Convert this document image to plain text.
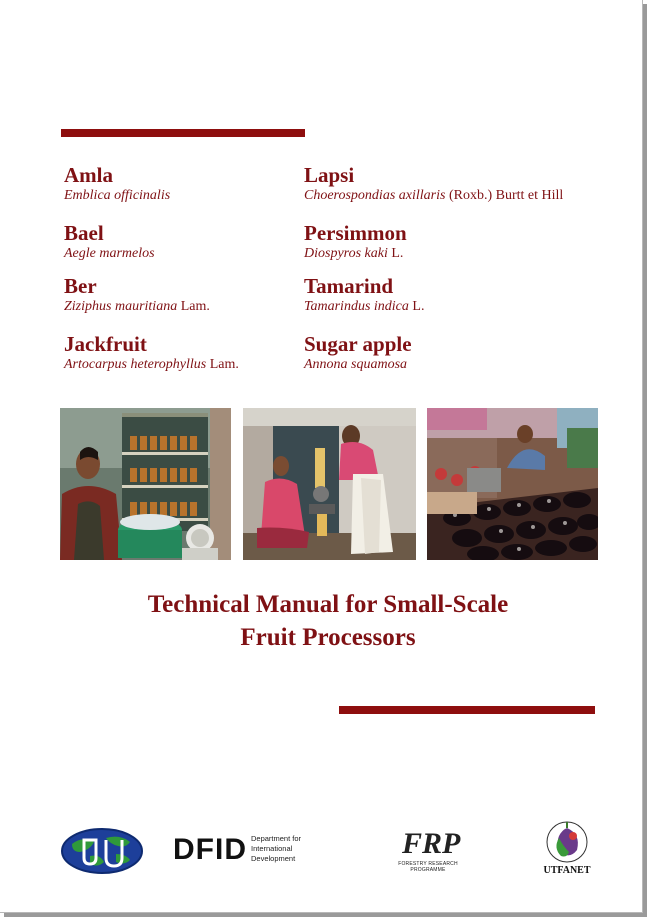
Amla
Emblica officinalis
Bael
Aegle marmelos
Ber
Ziziphus mauritiana Lam.
Jackfruit
Artocarpus heterophyllus Lam.
Lapsi
Choerospondias axillaris (Roxb.) Burtt et Hill
Persimmon
Diospyros kaki L.
Tamarind
Tamarindus indica L.
Sugar apple
Annona squamosa
Technical Manual for Small-Scale
Fruit Processors
DFID Department for
International
Development	FRP
FORESTRY RESEARCH PROGRAMME	UTFANET
